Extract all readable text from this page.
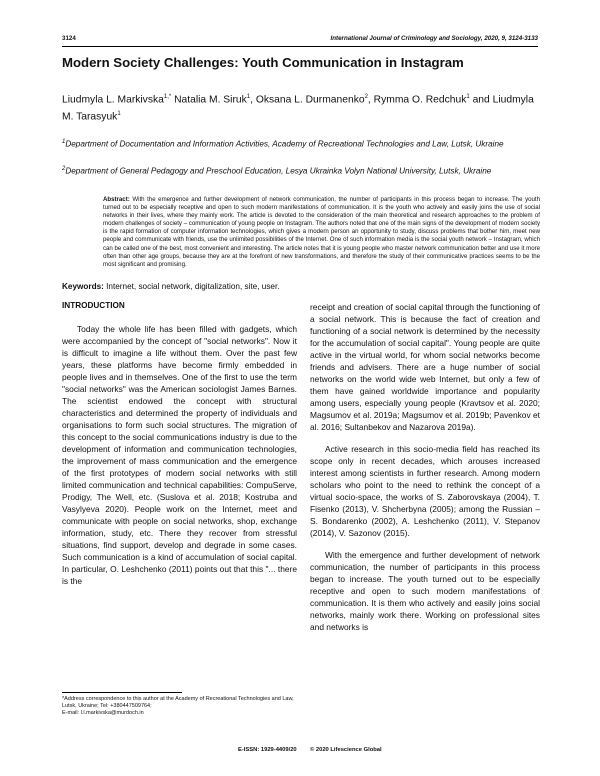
3124	International Journal of Criminology and Sociology, 2020, 9, 3124-3133
Modern Society Challenges: Youth Communication in Instagram
Liudmyla L. Markivska$^{1,*}$ Natalia M. Siruk$^1$, Oksana L. Durmanenko$^2$, Rymma O. Redchuk$^1$ and Liudmyla M. Tarasyuk$^1$
$^1$Department of Documentation and Information Activities, Academy of Recreational Technologies and Law, Lutsk, Ukraine
$^2$Department of General Pedagogy and Preschool Education, Lesya Ukrainka Volyn National University, Lutsk, Ukraine
Abstract: With the emergence and further development of network communication, the number of participants in this process began to increase. The youth turned out to be especially receptive and open to such modern manifestations of communication. It is the youth who actively and easily joins the use of social networks in their lives, where they mainly work. The article is devoted to the consideration of the main theoretical and research approaches to the problem of modern challenges of society – communication of young people on Instagram. The authors noted that one of the main signs of the development of modern society is the rapid formation of computer information technologies, which gives a modern person an opportunity to study, discuss problems that bother him, meet new people and communicate with friends, use the unlimited possibilities of the Internet. One of such information media is the social youth network – Instagram, which can be called one of the best, most convenient and interesting. The article notes that it is young people who master network communication better and use it more often than other age groups, because they are at the forefront of new transformations, and therefore the study of their communicative practices seems to be the most significant and promising.
Keywords: Internet, social network, digitalization, site, user.
INTRODUCTION

Today the whole life has been filled with gadgets, which were accompanied by the concept of "social networks". Now it is difficult to imagine a life without them. Over the past few years, these platforms have become firmly embedded in people lives and in themselves. One of the first to use the term "social networks" was the American sociologist James Barnes. The scientist endowed the concept with structural characteristics and determined the property of individuals and organisations to form such social structures. The migration of this concept to the social communications industry is due to the development of information and communication technologies, the improvement of mass communication and the emergence of the first prototypes of modern social networks with still limited communication and technical capabilities: CompuServe, Prodigy, The Well, etc. (Suslova et al. 2018; Kostruba and Vasylyeva 2020). People work on the Internet, meet and communicate with people on social networks, shop, exchange information, study, etc. There they recover from stressful situations, find support, develop and degrade in some cases. Such communication is a kind of accumulation of social capital. In particular, O. Leshchenko (2011) points out that this "... there is the

receipt and creation of social capital through the functioning of a social network. This is because the fact of creation and functioning of a social network is determined by the necessity for the accumulation of social capital". Young people are quite active in the virtual world, for whom social networks become friends and advisers. There are a huge number of social networks on the world wide web Internet, but only a few of them have gained worldwide importance and popularity among users, especially young people (Kravtsov et al. 2020; Magsumov et al. 2019a; Magsumov et al. 2019b; Pavenkov et al. 2016; Sultanbekov and Nazarova 2019a).

Active research in this socio-media field has reached its scope only in recent decades, which arouses increased interest among scientists in further research. Among modern scholars who point to the need to rethink the concept of a virtual socio-space, the works of S. Zaborovskaya (2004), T. Fisenko (2013), V. Shcherbyna (2005); among the Russian – S. Bondarenko (2002), A. Leshchenko (2011), V. Stepanov (2014), V. Sazonov (2015).

With the emergence and further development of network communication, the number of participants in this process began to increase. The youth turned out to be especially receptive and open to such modern manifestations of communication. It is them who actively and easily joins social networks, mainly work there. Working on professional sites and networks is

*Address correspondence to this author at the Academy of Recreational Technologies and Law, Lutsk, Ukraine; Tel: +380447509764;
E-mail: l.l.markivska@murdoch.in
E-ISSN: 1929-4409/20 © 2020 Lifescience Global
